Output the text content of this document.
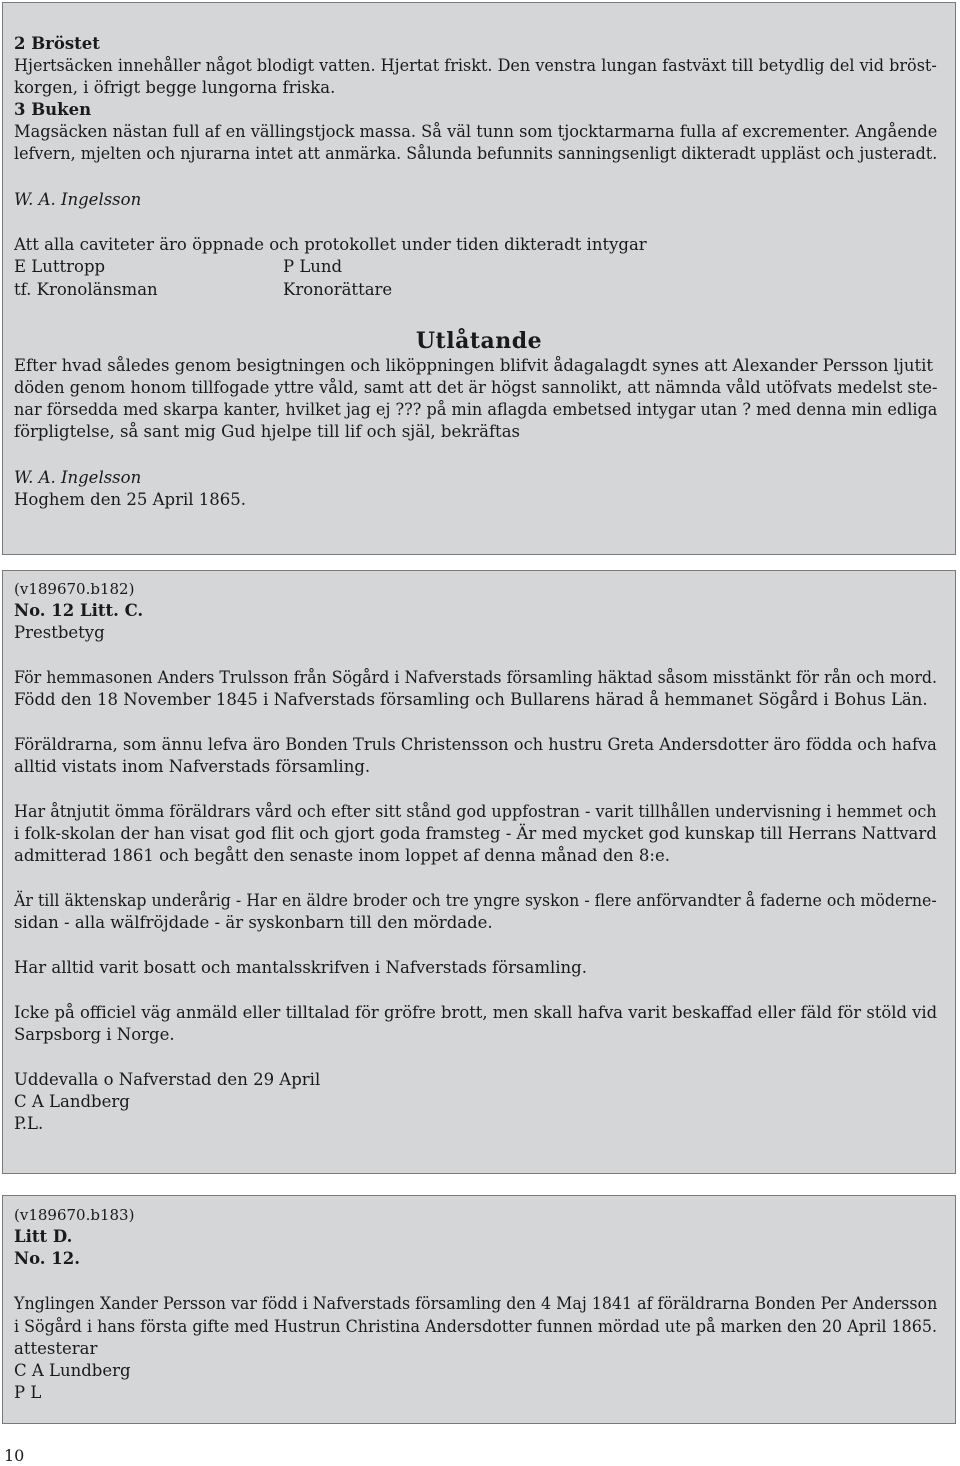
2 Bröstet
Hjertsäcken innehåller något blodigt vatten. Hjertat friskt. Den venstra lungan fastväxt till betydlig del vid bröst-
korgen, i öfrigt begge lungorna friska.
3 Buken
Magsäcken nästan full af en vällingstjock massa. Så väl tunn som tjocktarmarna fulla af excrementer. Angående
lefvern, mjelten och njurarna intet att anmärka. Sålunda befunnits sanningsenligt dikteradt uppläst och justeradt.
W. A. Ingelsson
Att alla caviteter äro öppnade och protokollet under tiden dikteradt intygar
E Luttropp	P Lund
tf. Kronolänsman	Kronorättare
Utlåtande
Efter hvad således genom besigtningen och liköppningen blifvit ådagalagdt synes att Alexander Persson ljutit
döden genom honom tillfogade yttre våld, samt att det är högst sannolikt, att nämnda våld utöfvats medelst ste-
nar försedda med skarpa kanter, hvilket jag ej ??? på min aflagda embetsed intygar utan ? med denna min edliga
förpligtelse, så sant mig Gud hjelpe till lif och själ, bekräftas
W. A. Ingelsson
Hoghem den 25 April 1865.
(v189670.b182)
No. 12 Litt. C.
Prestbetyg
För hemmasonen Anders Trulsson från Sögård i Nafverstads församling häktad såsom misstänkt för rån och mord.
Född den 18 November 1845 i Nafverstads församling och Bullarens härad å hemmanet Sögård i Bohus Län.
Föräldrarna, som ännu lefva äro Bonden Truls Christensson och hustru Greta Andersdotter äro födda och hafva
alltid vistats inom Nafverstads församling.
Har åtnjutit ömma föräldrars vård och efter sitt stånd god uppfostran - varit tillhållen undervisning i hemmet och
i folk-skolan der han visat god flit och gjort goda framsteg - Är med mycket god kunskap till Herrans Nattvard
admitterad 1861 och begått den senaste inom loppet af denna månad den 8:e.
Är till äktenskap underårig - Har en äldre broder och tre yngre syskon - flere anförvandter å faderne och möderne-
sidan - alla wälfröjdade - är syskonbarn till den mördade.
Har alltid varit bosatt och mantalsskrifven i Nafverstads församling.
Icke på officiel väg anmäld eller tilltalad för gröfre brott, men skall hafva varit beskaffad eller fäld för stöld vid
Sarpsborg i Norge.
Uddevalla o Nafverstad den 29 April
C A Landberg
P.L.
(v189670.b183)
Litt D.
No. 12.
Ynglingen Xander Persson var född i Nafverstads församling den 4 Maj 1841 af föräldrarna Bonden Per Andersson
i Sögård i hans första gifte med Hustrun Christina Andersdotter funnen mördad ute på marken den 20 April 1865.
attesterar
C A Lundberg
P L
10
